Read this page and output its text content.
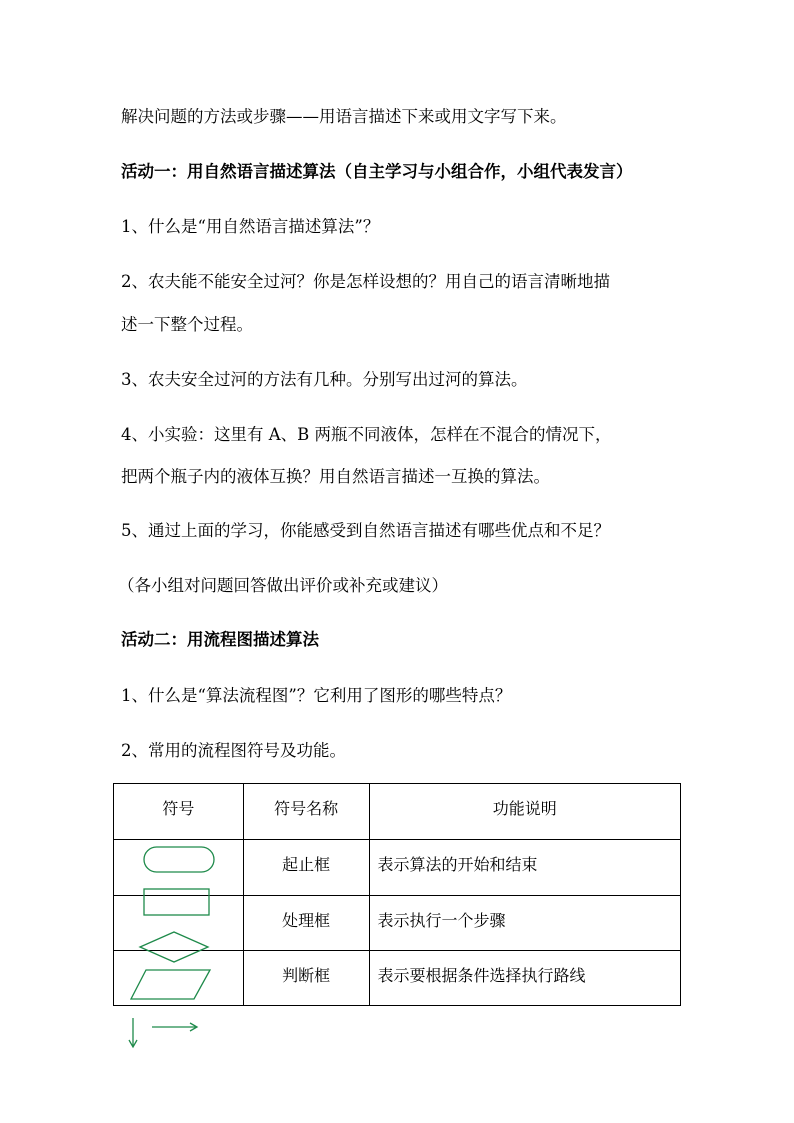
解决问题的方法或步骤——用语言描述下来或用文字写下来。

活动一：用自然语言描述算法（自主学习与小组合作，小组代表发言）

1、什么是“用自然语言描述算法”？

2、农夫能不能安全过河？你是怎样设想的？用自己的语言清晰地描

述一下整个过程。

3、农夫安全过河的方法有几种。分别写出过河的算法。

4、小实验：这里有 A、B 两瓶不同液体，怎样在不混合的情况下，

把两个瓶子内的液体互换？用自然语言描述一互换的算法。

5、通过上面的学习，你能感受到自然语言描述有哪些优点和不足？

（各小组对问题回答做出评价或补充或建议）

活动二：用流程图描述算法

1、什么是“算法流程图”？它利用了图形的哪些特点？

2、常用的流程图符号及功能。

符号	符号名称	功能说明

	起止框	表示算法的开始和结束

	处理框	表示执行一个步骤

	判断框	表示要根据条件选择执行路线
